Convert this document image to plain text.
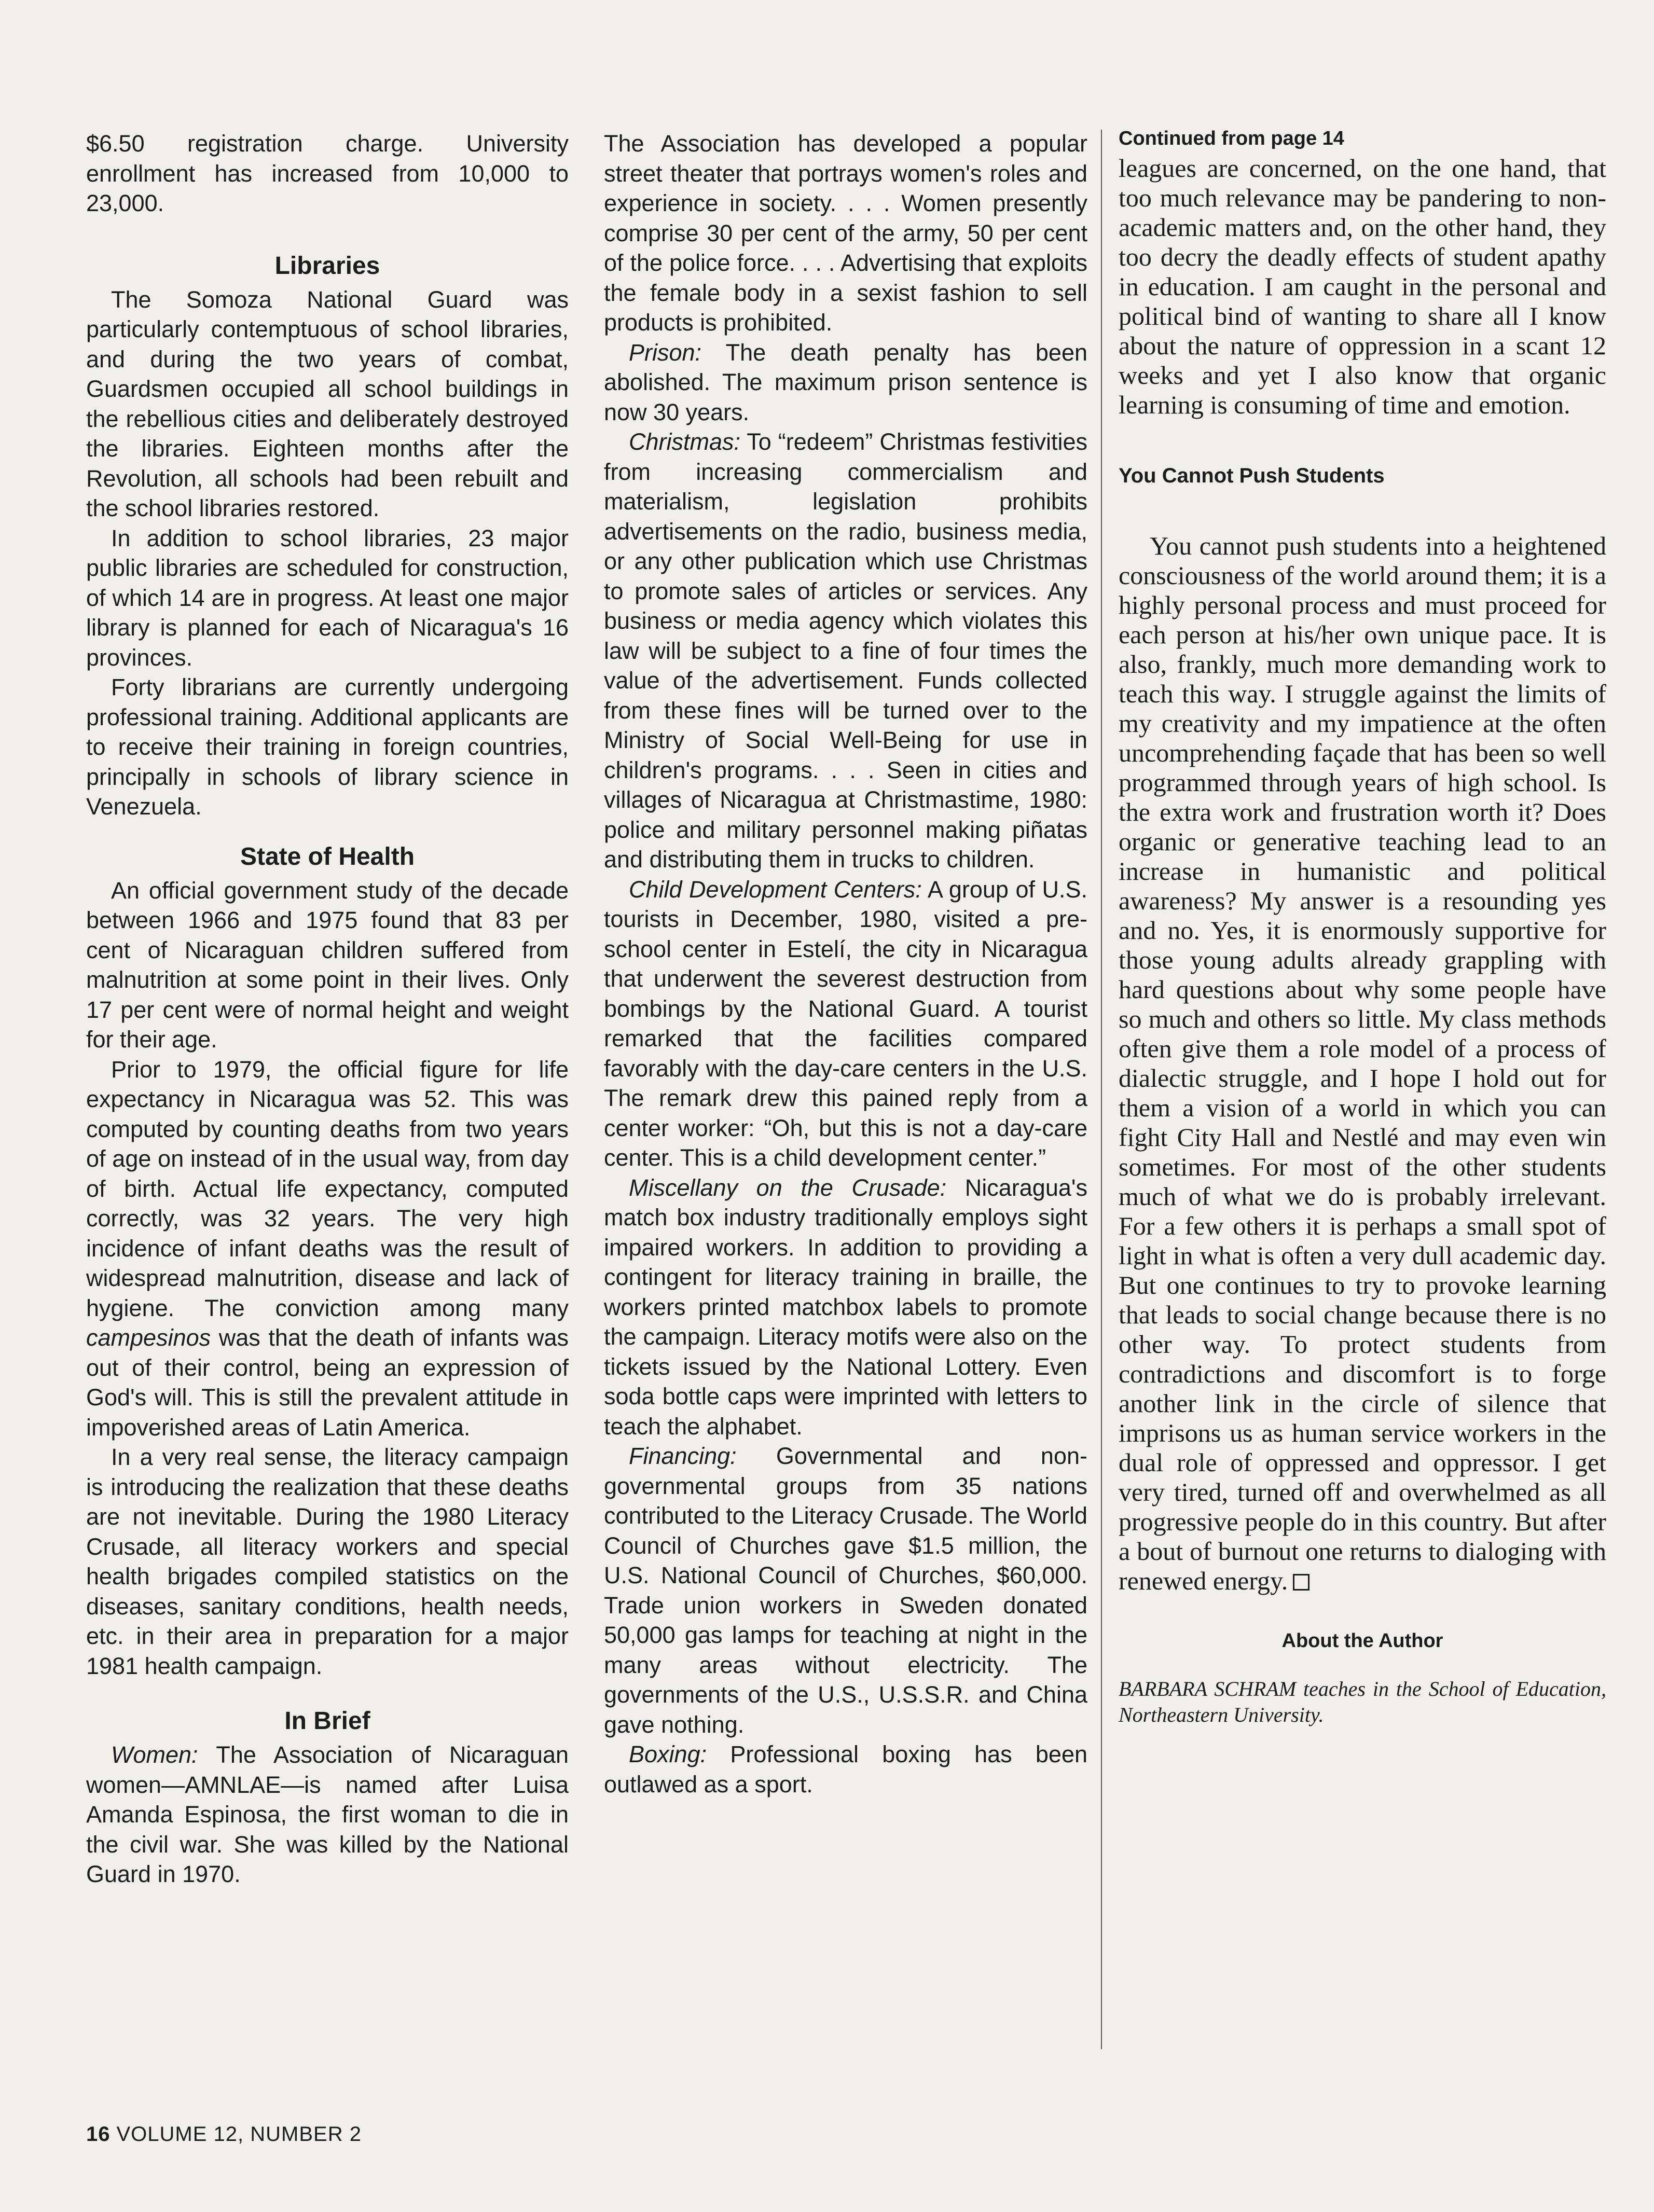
$6.50 registration charge. University enrollment has increased from 10,000 to 23,000.

Libraries

The Somoza National Guard was particularly contemptuous of school libraries, and during the two years of combat, Guardsmen occupied all school buildings in the rebellious cities and deliberately destroyed the libraries. Eighteen months after the Revolution, all schools had been rebuilt and the school libraries restored.

In addition to school libraries, 23 major public libraries are scheduled for construction, of which 14 are in progress. At least one major library is planned for each of Nicaragua's 16 provinces.

Forty librarians are currently undergoing professional training. Additional applicants are to receive their training in foreign countries, principally in schools of library science in Venezuela.

State of Health

An official government study of the decade between 1966 and 1975 found that 83 per cent of Nicaraguan children suffered from malnutrition at some point in their lives. Only 17 per cent were of normal height and weight for their age.

Prior to 1979, the official figure for life expectancy in Nicaragua was 52. This was computed by counting deaths from two years of age on instead of in the usual way, from day of birth. Actual life expectancy, computed correctly, was 32 years. The very high incidence of infant deaths was the result of widespread malnutrition, disease and lack of hygiene. The conviction among many campesinos was that the death of infants was out of their control, being an expression of God's will. This is still the prevalent attitude in impoverished areas of Latin America.

In a very real sense, the literacy campaign is introducing the realization that these deaths are not inevitable. During the 1980 Literacy Crusade, all literacy workers and special health brigades compiled statistics on the diseases, sanitary conditions, health needs, etc. in their area in preparation for a major 1981 health campaign.

In Brief

Women: The Association of Nicaraguan women—AMNLAE—is named after Luisa Amanda Espinosa, the first woman to die in the civil war. She was killed by the National Guard in 1970.

The Association has developed a popular street theater that portrays women's roles and experience in society. . . . Women presently comprise 30 per cent of the army, 50 per cent of the police force. . . . Advertising that exploits the female body in a sexist fashion to sell products is prohibited.

Prison: The death penalty has been abolished. The maximum prison sentence is now 30 years.

Christmas: To “redeem” Christmas festivities from increasing commercialism and materialism, legislation prohibits advertisements on the radio, business media, or any other publication which use Christmas to promote sales of articles or services. Any business or media agency which violates this law will be subject to a fine of four times the value of the advertisement. Funds collected from these fines will be turned over to the Ministry of Social Well-Being for use in children's programs. . . . Seen in cities and villages of Nicaragua at Christmastime, 1980: police and military personnel making piñatas and distributing them in trucks to children.

Child Development Centers: A group of U.S. tourists in December, 1980, visited a pre-school center in Estelí, the city in Nicaragua that underwent the severest destruction from bombings by the National Guard. A tourist remarked that the facilities compared favorably with the day-care centers in the U.S. The remark drew this pained reply from a center worker: “Oh, but this is not a day-care center. This is a child development center.”

Miscellany on the Crusade: Nicaragua's match box industry traditionally employs sight impaired workers. In addition to providing a contingent for literacy training in braille, the workers printed matchbox labels to promote the campaign. Literacy motifs were also on the tickets issued by the National Lottery. Even soda bottle caps were imprinted with letters to teach the alphabet.

Financing: Governmental and non-governmental groups from 35 nations contributed to the Literacy Crusade. The World Council of Churches gave $1.5 million, the U.S. National Council of Churches, $60,000. Trade union workers in Sweden donated 50,000 gas lamps for teaching at night in the many areas without electricity. The governments of the U.S., U.S.S.R. and China gave nothing.

Boxing: Professional boxing has been outlawed as a sport.

Continued from page 14

leagues are concerned, on the one hand, that too much relevance may be pandering to non-academic matters and, on the other hand, they too decry the deadly effects of student apathy in education. I am caught in the personal and political bind of wanting to share all I know about the nature of oppression in a scant 12 weeks and yet I also know that organic learning is consuming of time and emotion.

You Cannot Push Students

You cannot push students into a heightened consciousness of the world around them; it is a highly personal process and must proceed for each person at his/her own unique pace. It is also, frankly, much more demanding work to teach this way. I struggle against the limits of my creativity and my impatience at the often uncomprehending façade that has been so well programmed through years of high school. Is the extra work and frustration worth it? Does organic or generative teaching lead to an increase in humanistic and political awareness? My answer is a resounding yes and no. Yes, it is enormously supportive for those young adults already grappling with hard questions about why some people have so much and others so little. My class methods often give them a role model of a process of dialectic struggle, and I hope I hold out for them a vision of a world in which you can fight City Hall and Nestlé and may even win sometimes. For most of the other students much of what we do is probably irrelevant. For a few others it is perhaps a small spot of light in what is often a very dull academic day. But one continues to try to provoke learning that leads to social change because there is no other way. To protect students from contradictions and discomfort is to forge another link in the circle of silence that imprisons us as human service workers in the dual role of oppressed and oppressor. I get very tired, turned off and overwhelmed as all progressive people do in this country. But after a bout of burnout one returns to dialoging with renewed energy.

About the Author

BARBARA SCHRAM teaches in the School of Education, Northeastern University.

16 VOLUME 12, NUMBER 2
